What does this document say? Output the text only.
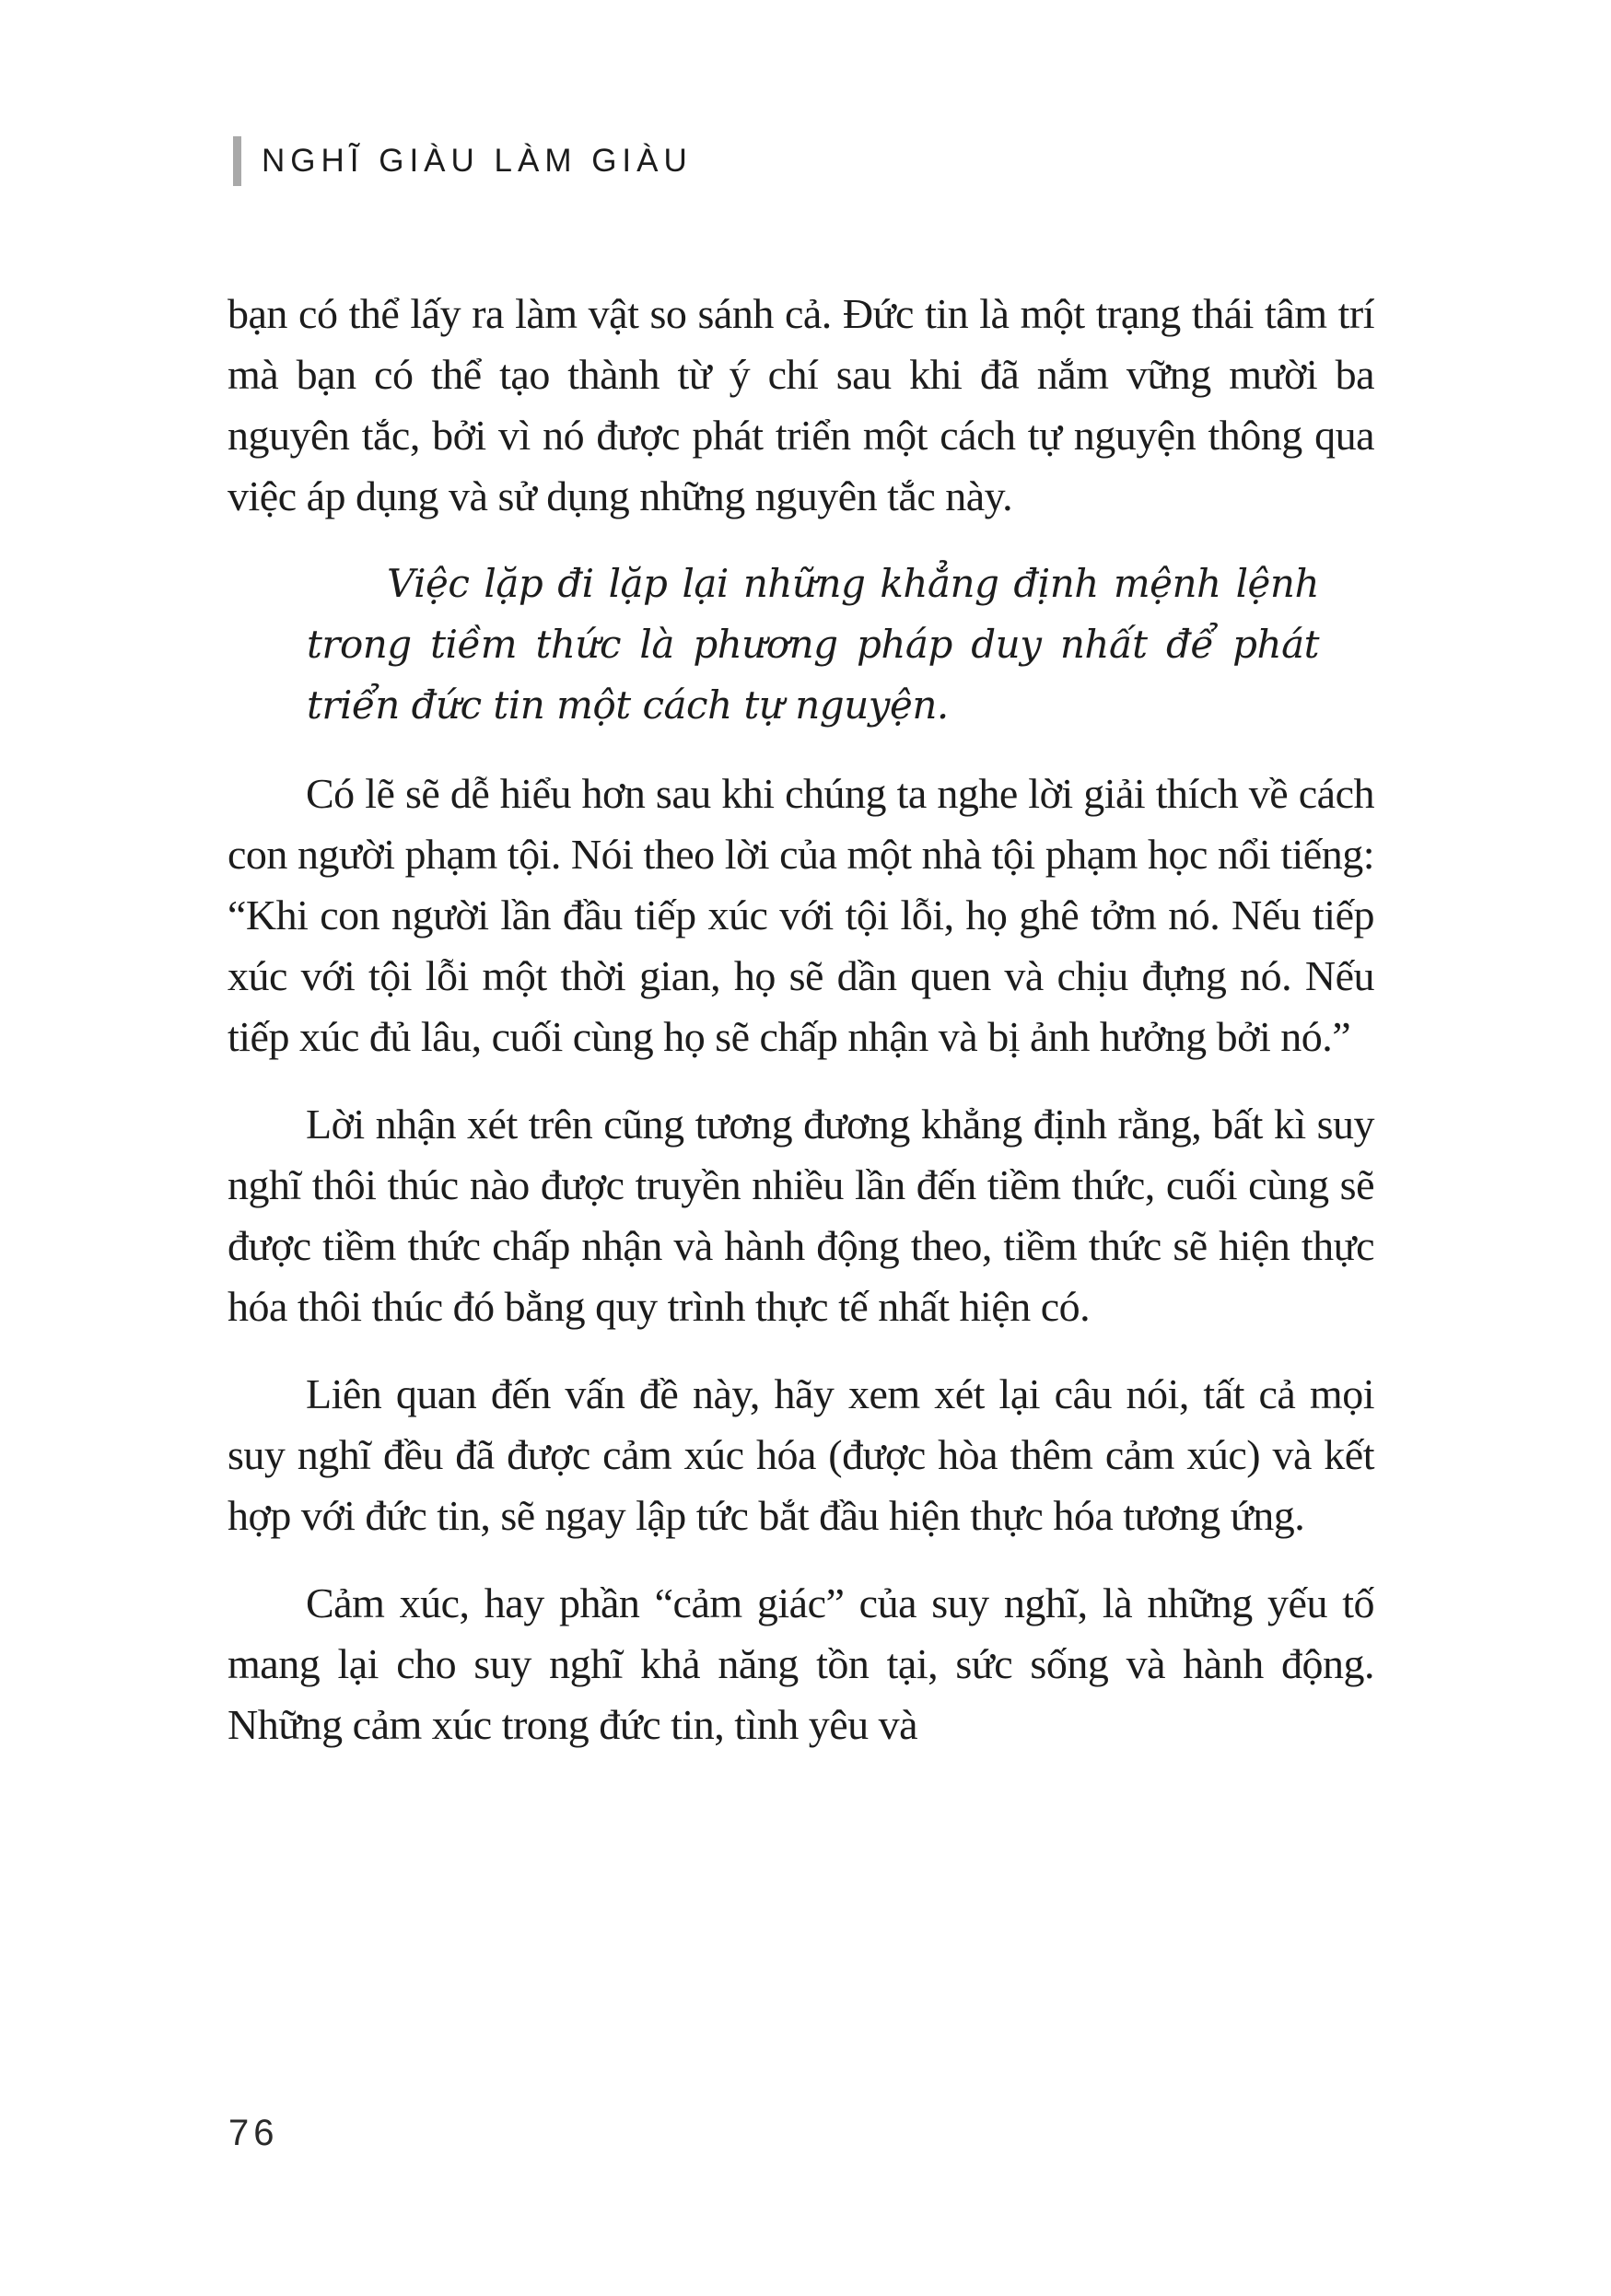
NGHĨ GIÀU LÀM GIÀU

bạn có thể lấy ra làm vật so sánh cả. Đức tin là một trạng thái tâm trí mà bạn có thể tạo thành từ ý chí sau khi đã nắm vững mười ba nguyên tắc, bởi vì nó được phát triển một cách tự nguyện thông qua việc áp dụng và sử dụng những nguyên tắc này.

Việc lặp đi lặp lại những khẳng định mệnh lệnh trong tiềm thức là phương pháp duy nhất để phát triển đức tin một cách tự nguyện.

Có lẽ sẽ dễ hiểu hơn sau khi chúng ta nghe lời giải thích về cách con người phạm tội. Nói theo lời của một nhà tội phạm học nổi tiếng: “Khi con người lần đầu tiếp xúc với tội lỗi, họ ghê tởm nó. Nếu tiếp xúc với tội lỗi một thời gian, họ sẽ dần quen và chịu đựng nó. Nếu tiếp xúc đủ lâu, cuối cùng họ sẽ chấp nhận và bị ảnh hưởng bởi nó.”

Lời nhận xét trên cũng tương đương khẳng định rằng, bất kì suy nghĩ thôi thúc nào được truyền nhiều lần đến tiềm thức, cuối cùng sẽ được tiềm thức chấp nhận và hành động theo, tiềm thức sẽ hiện thực hóa thôi thúc đó bằng quy trình thực tế nhất hiện có.

Liên quan đến vấn đề này, hãy xem xét lại câu nói, tất cả mọi suy nghĩ đều đã được cảm xúc hóa (được hòa thêm cảm xúc) và kết hợp với đức tin, sẽ ngay lập tức bắt đầu hiện thực hóa tương ứng.

Cảm xúc, hay phần “cảm giác” của suy nghĩ, là những yếu tố mang lại cho suy nghĩ khả năng tồn tại, sức sống và hành động. Những cảm xúc trong đức tin, tình yêu và

76
